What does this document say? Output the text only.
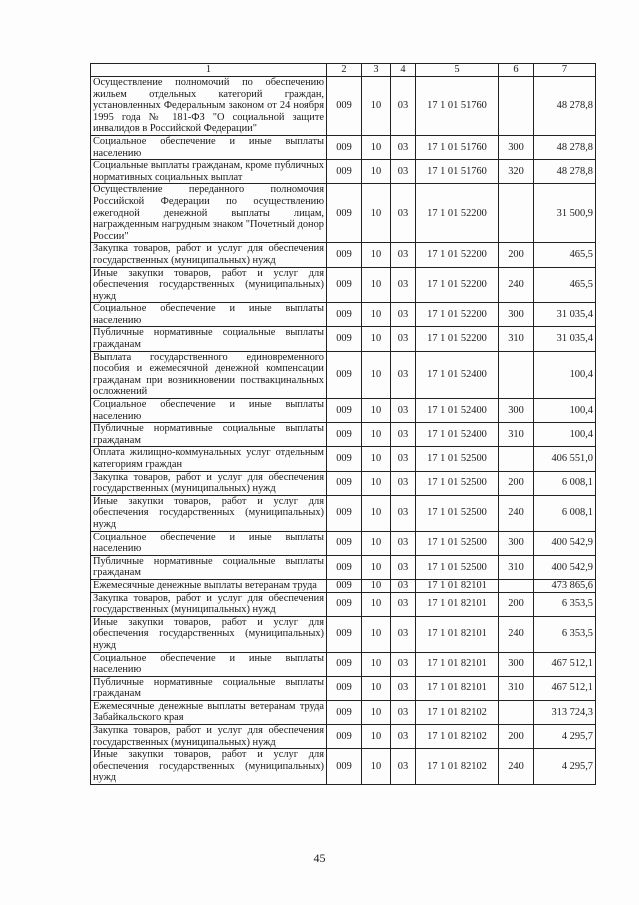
1	2	3	4	5	6	7
Осуществление полномочий по обеспечению жильем отдельных категорий граждан, установленных Федеральным законом от 24 ноября 1995 года № 181-ФЗ "О социальной защите инвалидов в Российской Федерации"	009	10	03	17 1 01 51760		48 278,8
Социальное обеспечение и иные выплаты населению	009	10	03	17 1 01 51760	300	48 278,8
Социальные выплаты гражданам, кроме публичных нормативных социальных выплат	009	10	03	17 1 01 51760	320	48 278,8
Осуществление переданного полномочия Российской Федерации по осуществлению ежегодной денежной выплаты лицам, награжденным нагрудным знаком "Почетный донор России"	009	10	03	17 1 01 52200		31 500,9
Закупка товаров, работ и услуг для обеспечения государственных (муниципальных) нужд	009	10	03	17 1 01 52200	200	465,5
Иные закупки товаров, работ и услуг для обеспечения государственных (муниципальных) нужд	009	10	03	17 1 01 52200	240	465,5
Социальное обеспечение и иные выплаты населению	009	10	03	17 1 01 52200	300	31 035,4
Публичные нормативные социальные выплаты гражданам	009	10	03	17 1 01 52200	310	31 035,4
Выплата государственного единовременного пособия и ежемесячной денежной компенсации гражданам при возникновении поствакцинальных осложнений	009	10	03	17 1 01 52400		100,4
Социальное обеспечение и иные выплаты населению	009	10	03	17 1 01 52400	300	100,4
Публичные нормативные социальные выплаты гражданам	009	10	03	17 1 01 52400	310	100,4
Оплата жилищно-коммунальных услуг отдельным категориям граждан	009	10	03	17 1 01 52500		406 551,0
Закупка товаров, работ и услуг для обеспечения государственных (муниципальных) нужд	009	10	03	17 1 01 52500	200	6 008,1
Иные закупки товаров, работ и услуг для обеспечения государственных (муниципальных) нужд	009	10	03	17 1 01 52500	240	6 008,1
Социальное обеспечение и иные выплаты населению	009	10	03	17 1 01 52500	300	400 542,9
Публичные нормативные социальные выплаты гражданам	009	10	03	17 1 01 52500	310	400 542,9
Ежемесячные денежные выплаты ветеранам труда	009	10	03	17 1 01 82101		473 865,6
Закупка товаров, работ и услуг для обеспечения государственных (муниципальных) нужд	009	10	03	17 1 01 82101	200	6 353,5
Иные закупки товаров, работ и услуг для обеспечения государственных (муниципальных) нужд	009	10	03	17 1 01 82101	240	6 353,5
Социальное обеспечение и иные выплаты населению	009	10	03	17 1 01 82101	300	467 512,1
Публичные нормативные социальные выплаты гражданам	009	10	03	17 1 01 82101	310	467 512,1
Ежемесячные денежные выплаты ветеранам труда Забайкальского края	009	10	03	17 1 01 82102		313 724,3
Закупка товаров, работ и услуг для обеспечения государственных (муниципальных) нужд	009	10	03	17 1 01 82102	200	4 295,7
Иные закупки товаров, работ и услуг для обеспечения государственных (муниципальных) нужд	009	10	03	17 1 01 82102	240	4 295,7
45
